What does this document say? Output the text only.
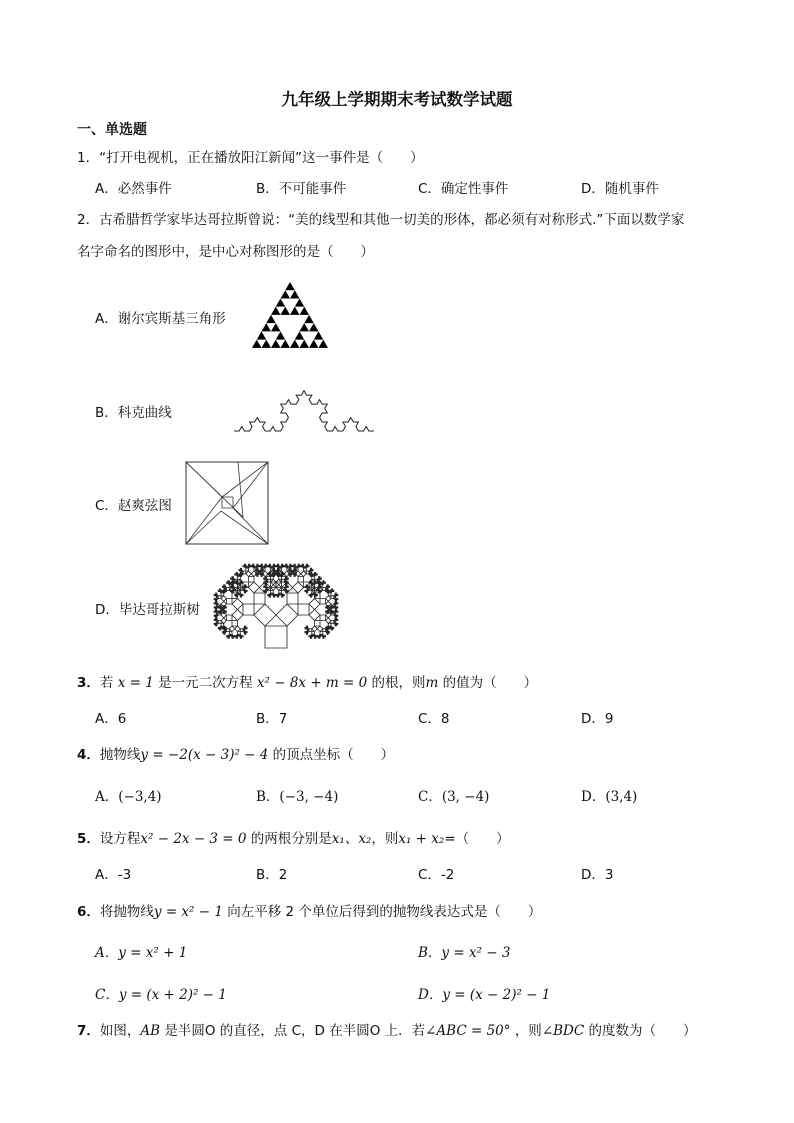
九年级上学期期末考试数学试题
一、单选题
1．“打开电视机，正在播放阳江新闻”这一事件是（　　）
A．必然事件	B．不可能事件	C．确定性事件	D．随机事件
2．古希腊哲学家毕达哥拉斯曾说：“美的线型和其他一切美的形体，都必须有对称形式.”下面以数学家
名字命名的图形中，是中心对称图形的是（　　）
A．谢尔宾斯基三角形
B．科克曲线
C．赵爽弦图
D．毕达哥拉斯树
3．若 x = 1 是一元二次方程 x² − 8x + m = 0 的根，则m 的值为（　　）
A．6	B．7	C．8	D．9
4．抛物线y = −2(x − 3)² − 4 的顶点坐标（　　）
A．(−3,4)	B．(−3, −4)	C．(3, −4)	D．(3,4)
5．设方程x² − 2x − 3 = 0 的两根分别是x₁、x₂，则x₁ + x₂=（　　）
A．-3	B．2	C．-2	D．3
6．将抛物线y = x² − 1 向左平移 2 个单位后得到的抛物线表达式是（　　）
A．y = x² + 1	B．y = x² − 3
C．y = (x + 2)² − 1	D．y = (x − 2)² − 1
7．如图，AB 是半圆O 的直径，点 C，D 在半圆O 上．若∠ABC = 50° ，则∠BDC 的度数为（　　）
